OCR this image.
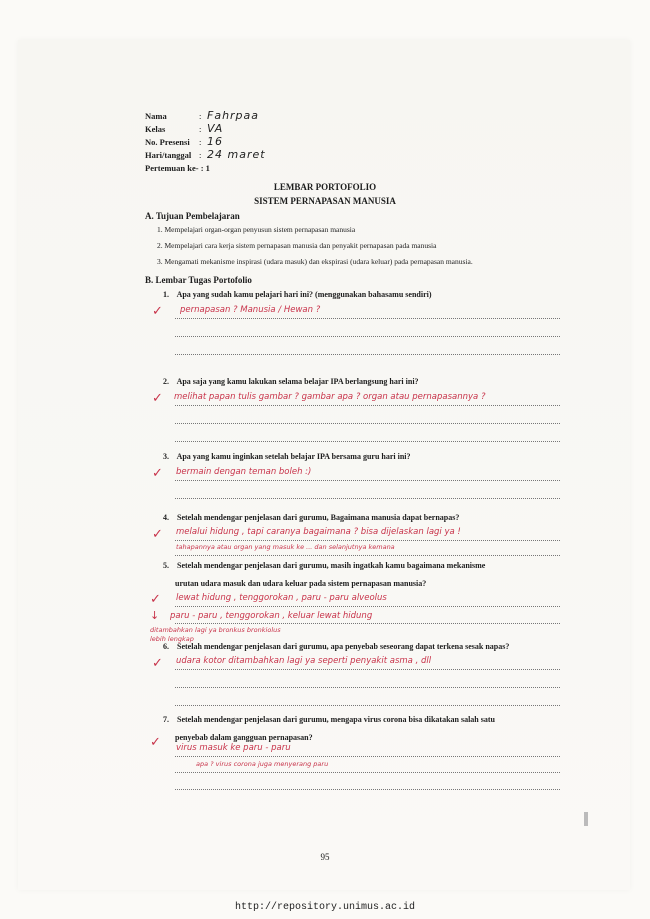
Nama	: Fahrpaa
Kelas	: VA
No. Presensi	: 16
Hari/tanggal : 24 maret
Pertemuan ke- : 1
LEMBAR PORTOFOLIO
SISTEM PERNAPASAN MANUSIA
A. Tujuan Pembelajaran
1. Mempelajari organ-organ penyusun sistem pernapasan manusia
2. Mempelajari cara kerja sistem pernapasan manusia dan penyakit pernapasan pada manusia
3. Mengamati mekanisme inspirasi (udara masuk) dan ekspirasi (udara keluar) pada pernapasan manusia.
B. Lembar Tugas Portofolio
1. Apa yang sudah kamu pelajari hari ini? (menggunakan bahasamu sendiri)
✓ pernapasan ? Manusia / Hewan ?
2. Apa saja yang kamu lakukan selama belajar IPA berlangsung hari ini?
✓ melihat papan tulis gambar ? gambar apa ? organ atau pernapasannya ?
3. Apa yang kamu inginkan setelah belajar IPA bersama guru hari ini?
✓ bermain dengan teman boleh :)
4. Setelah mendengar penjelasan dari gurumu, Bagaimana manusia dapat bernapas?
✓ melalui hidung , tapi caranya bagaimana ? bisa dijelaskan lagi ya !
tahapannya atau organ yang masuk ke ... dan selanjutnya kemana
5. Setelah mendengar penjelasan dari gurumu, masih ingatkah kamu bagaimana mekanisme
urutan udara masuk dan udara keluar pada sistem pernapasan manusia?
✓ lewat hidung , tenggorokan , paru - paru alveolus
↓ paru - paru , tenggorokan , keluar lewat hidung
ditambahkan lagi ya bronkus bronkiolus
lebih lengkap
6. Setelah mendengar penjelasan dari gurumu, apa penyebab seseorang dapat terkena sesak napas?
✓ udara kotor ditambahkan lagi ya seperti penyakit asma , dll
7. Setelah mendengar penjelasan dari gurumu, mengapa virus corona bisa dikatakan salah satu
penyebab dalam gangguan pernapasan?
✓ virus masuk ke paru - paru
apa ? virus corona juga menyerang paru
95
http://repository.unimus.ac.id
